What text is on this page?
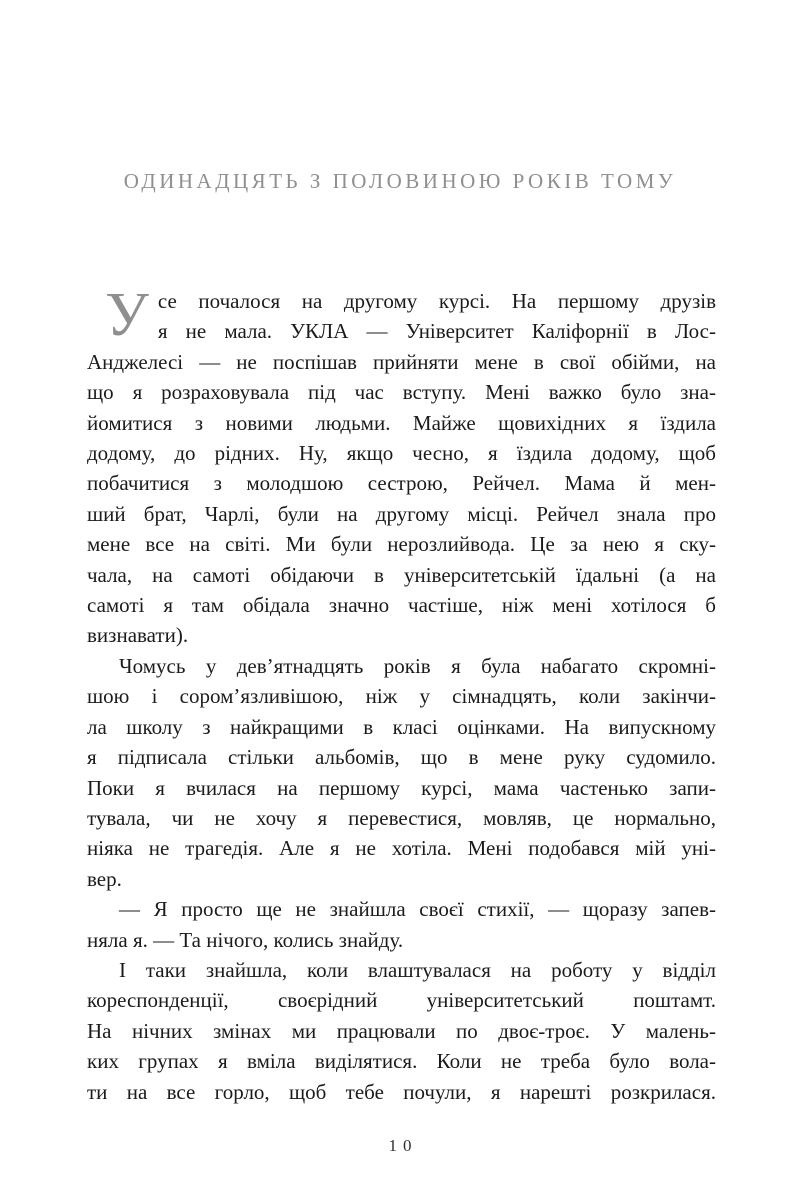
ОДИНАДЦЯТЬ З ПОЛОВИНОЮ РОКІВ ТОМУ
У се почалося на другому курсі. На першому друзів
я не мала. УКЛА — Університет Каліфорнії в Лос-
Анджелесі — не поспішав прийняти мене в свої обійми, на
що я розраховувала під час вступу. Мені важко було зна-
йомитися з новими людьми. Майже щовихідних я їздила
додому, до рідних. Ну, якщо чесно, я їздила додому, щоб
побачитися з молодшою сестрою, Рейчел. Мама й мен-
ший брат, Чарлі, були на другому місці. Рейчел знала про
мене все на світі. Ми були нерозлийвода. Це за нею я ску-
чала, на самоті обідаючи в університетській їдальні (а на
самоті я там обідала значно частіше, ніж мені хотілося б
визнавати).
Чомусь у дев’ятнадцять років я була набагато скромні-
шою і сором’язливішою, ніж у сімнадцять, коли закінчи-
ла школу з найкращими в класі оцінками. На випускному
я підписала стільки альбомів, що в мене руку судомило.
Поки я вчилася на першому курсі, мама частенько запи-
тувала, чи не хочу я перевестися, мовляв, це нормально,
ніяка не трагедія. Але я не хотіла. Мені подобався мій уні-
вер.
— Я просто ще не знайшла своєї стихії, — щоразу запев-
няла я. — Та нічого, колись знайду.
І таки знайшла, коли влаштувалася на роботу у відділ
кореспонденції, своєрідний університетський поштамт.
На нічних змінах ми працювали по двоє-троє. У малень-
ких групах я вміла виділятися. Коли не треба було вола-
ти на все горло, щоб тебе почули, я нарешті розкрилася.
10
